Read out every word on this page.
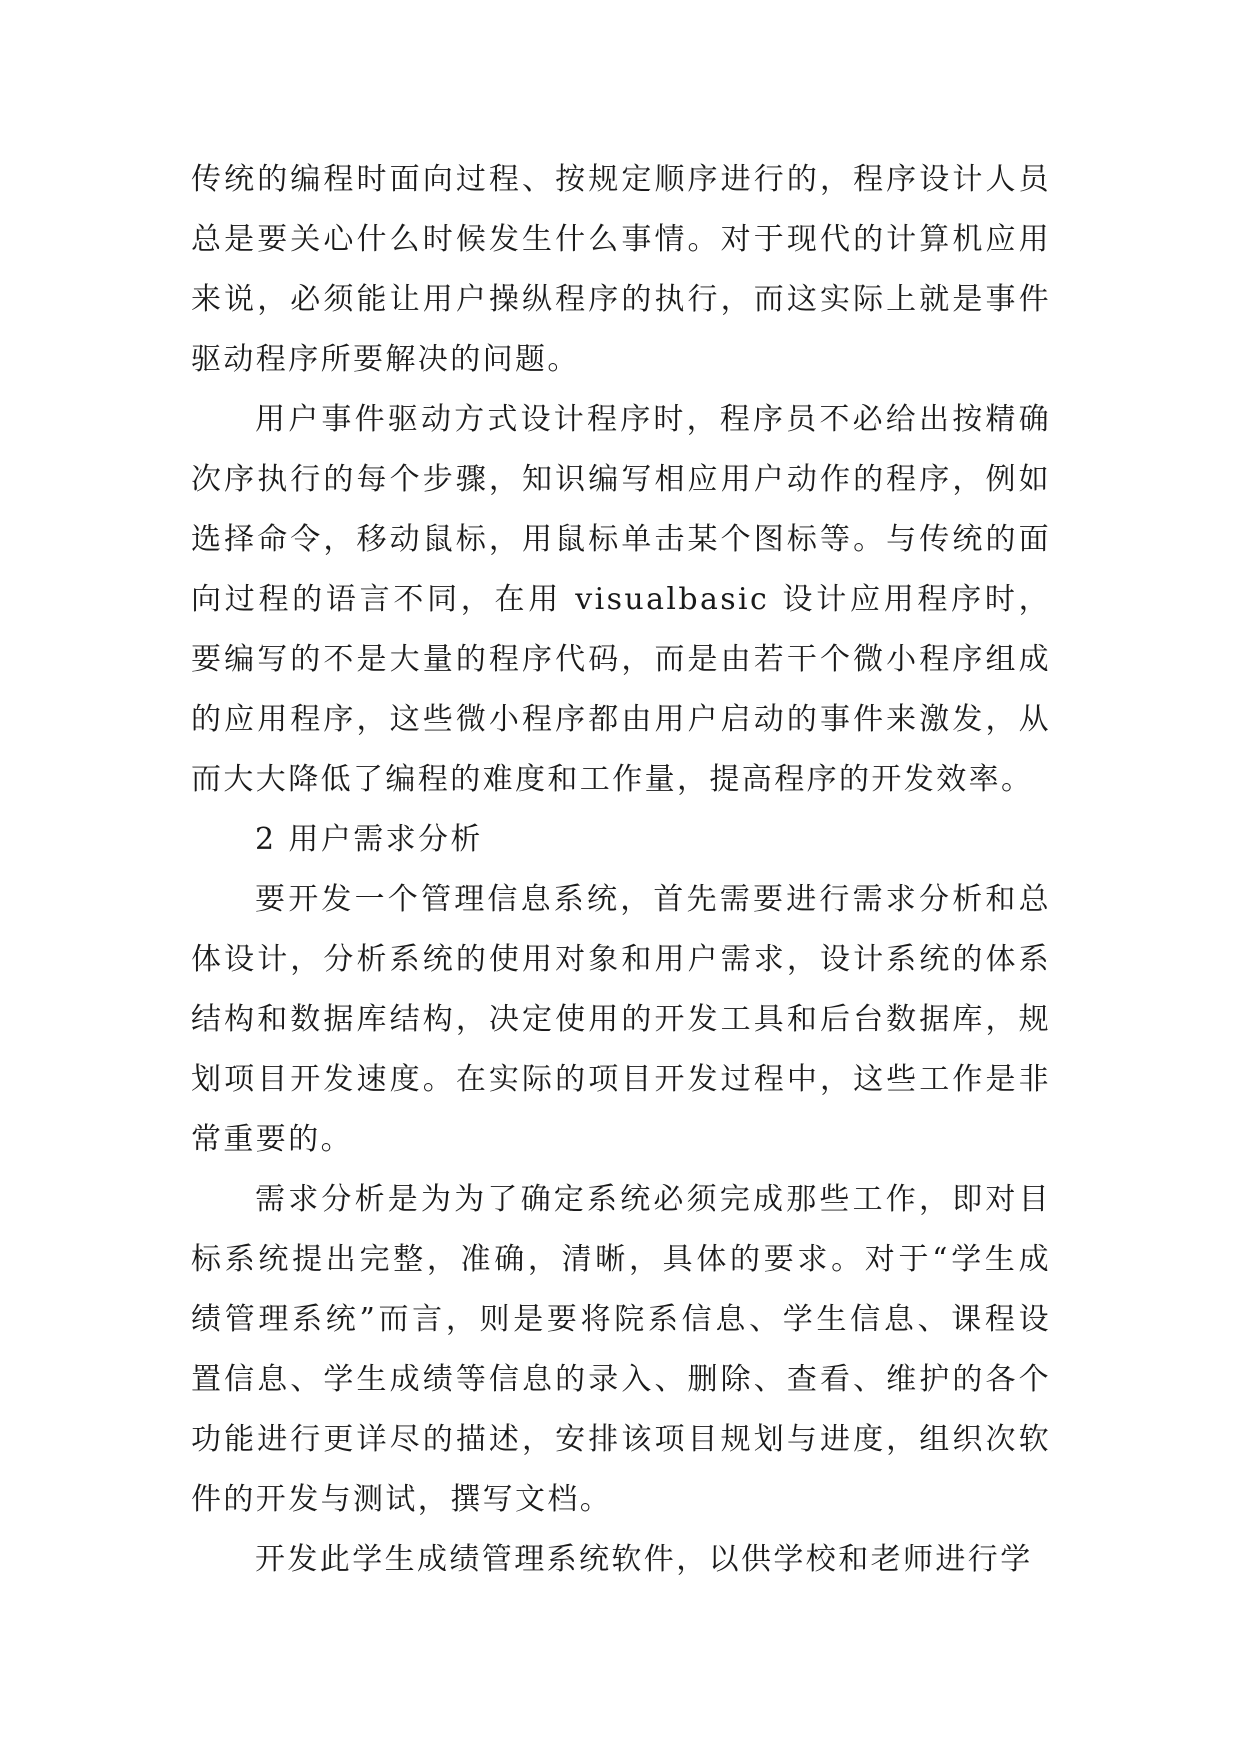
传统的编程时面向过程、按规定顺序进行的，程序设计人员总是要关心什么时候发生什么事情。对于现代的计算机应用来说，必须能让用户操纵程序的执行，而这实际上就是事件驱动程序所要解决的问题。

用户事件驱动方式设计程序时，程序员不必给出按精确次序执行的每个步骤，知识编写相应用户动作的程序，例如选择命令，移动鼠标，用鼠标单击某个图标等。与传统的面向过程的语言不同，在用 visualbasic 设计应用程序时，要编写的不是大量的程序代码，而是由若干个微小程序组成的应用程序，这些微小程序都由用户启动的事件来激发，从而大大降低了编程的难度和工作量，提高程序的开发效率。

2 用户需求分析

要开发一个管理信息系统，首先需要进行需求分析和总体设计，分析系统的使用对象和用户需求，设计系统的体系结构和数据库结构，决定使用的开发工具和后台数据库，规划项目开发速度。在实际的项目开发过程中，这些工作是非常重要的。

需求分析是为为了确定系统必须完成那些工作，即对目标系统提出完整，准确，清晰，具体的要求。对于“学生成绩管理系统”而言，则是要将院系信息、学生信息、课程设置信息、学生成绩等信息的录入、删除、查看、维护的各个功能进行更详尽的描述，安排该项目规划与进度，组织次软件的开发与测试，撰写文档。

开发此学生成绩管理系统软件，以供学校和老师进行学
